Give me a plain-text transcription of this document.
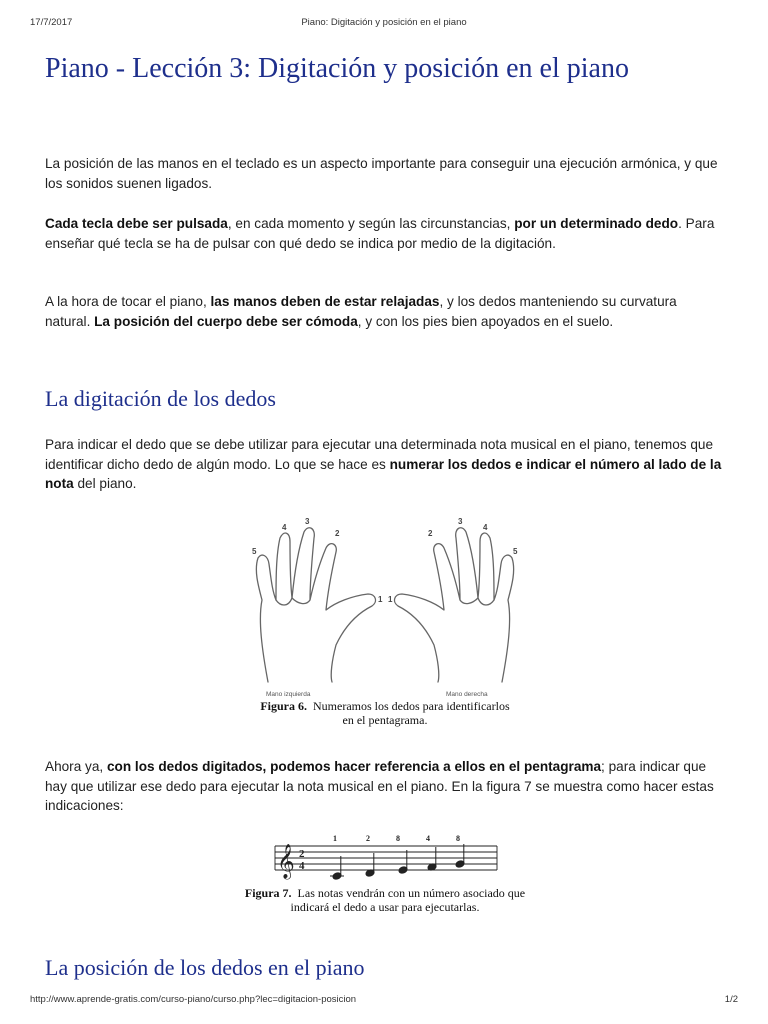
17/7/2017	Piano: Digitación y posición en el piano
Piano - Lección 3: Digitación y posición en el piano

La posición de las manos en el teclado es un aspecto importante para conseguir una ejecución armónica, y que los sonidos suenen ligados.

Cada tecla debe ser pulsada, en cada momento y según las circunstancias, por un determinado dedo. Para enseñar qué tecla se ha de pulsar con qué dedo se indica por medio de la digitación.

A la hora de tocar el piano, las manos deben de estar relajadas, y los dedos manteniendo su curvatura natural. La posición del cuerpo debe ser cómoda, y con los pies bien apoyados en el suelo.

La digitación de los dedos

Para indicar el dedo que se debe utilizar para ejecutar una determinada nota musical en el piano, tenemos que identificar dicho dedo de algún modo. Lo que se hace es numerar los dedos e indicar el número al lado de la nota del piano.

5
4
3
2
1 1
2
3
4
5
Mano izquierda	Mano derecha
Figura 6. Numeramos los dedos para identificarlos
en el pentagrama.

Ahora ya, con los dedos digitados, podemos hacer referencia a ellos en el pentagrama; para indicar que hay que utilizar ese dedo para ejecutar la nota musical en el piano. En la figura 7 se muestra como hacer estas indicaciones:

𝄞 2
4
1	2	8	4	8
Figura 7. Las notas vendrán con un número asociado que
indicará el dedo a usar para ejecutarlas.
La posición de los dedos en el piano
http://www.aprende-gratis.com/curso-piano/curso.php?lec=digitacion-posicion	1/2
